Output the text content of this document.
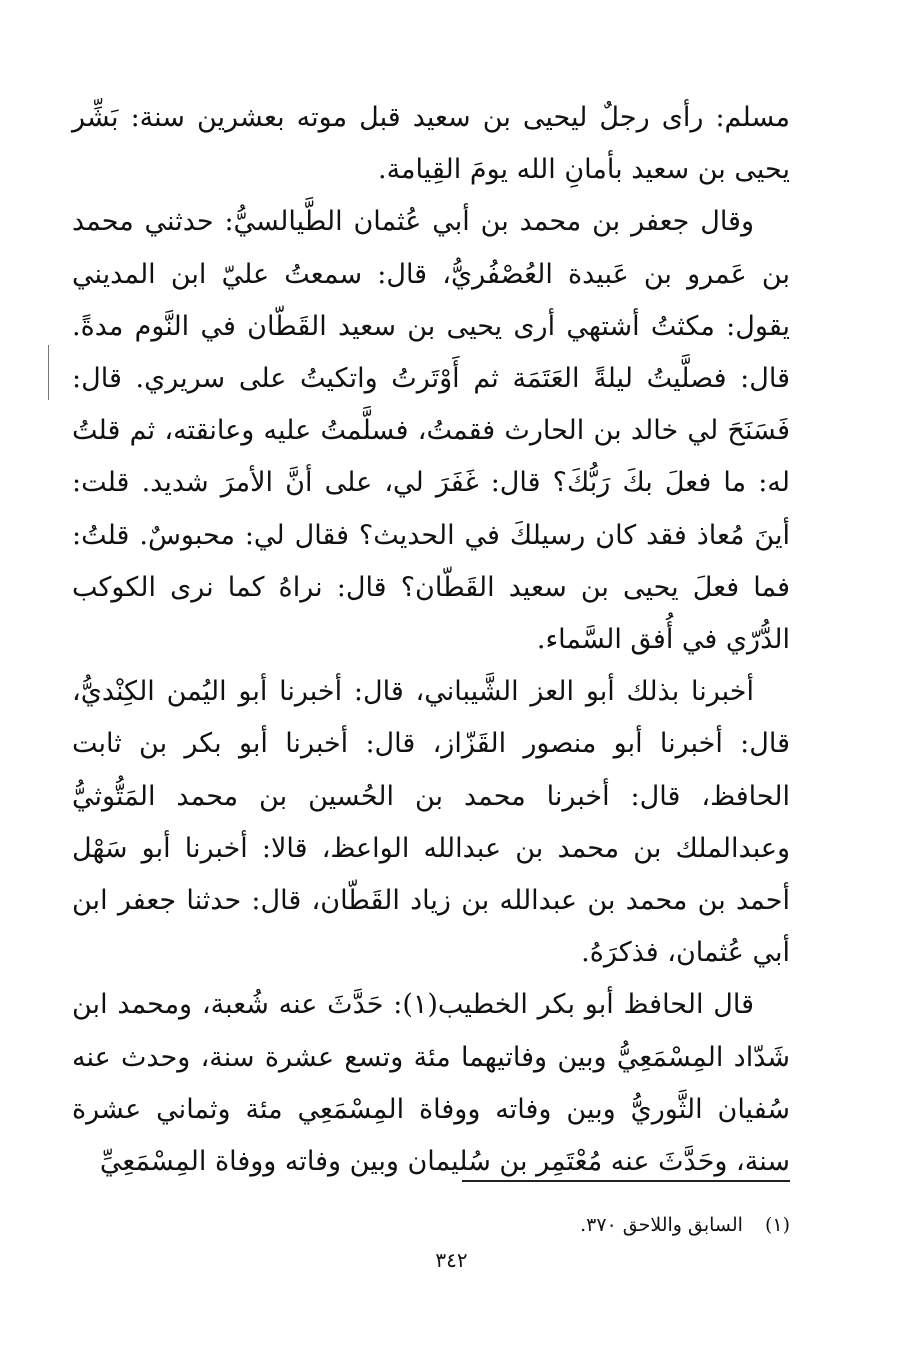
مسلم: رأى رجلٌ ليحيى بن سعيد قبل موته بعشرين سنة: بَشِّر يحيى بن سعيد بأمانِ الله يومَ القِيامة.

وقال جعفر بن محمد بن أبي عُثمان الطَّيالسيُّ: حدثني محمد بن عَمرو بن عَبيدة العُصْفُريُّ، قال: سمعتُ عليّ ابن المديني يقول: مكثتُ أشتهي أرى يحيى بن سعيد القَطّان في النَّوم مدةً. قال: فصلَّيتُ ليلةً العَتَمَة ثم أَوْتَرتُ واتكيتُ على سريري. قال: فَسَنَحَ لي خالد بن الحارث فقمتُ، فسلَّمتُ عليه وعانقته، ثم قلتُ له: ما فعلَ بكَ رَبُّكَ؟ قال: غَفَرَ لي، على أنَّ الأمرَ شديد. قلت: أينَ مُعاذ فقد كان رسيلكَ في الحديث؟ فقال لي: محبوسٌ. قلتُ: فما فعلَ يحيى بن سعيد القَطّان؟ قال: نراهُ كما نرى الكوكب الدُّرّي في أُفق السَّماء.

أخبرنا بذلك أبو العز الشَّيباني، قال: أخبرنا أبو اليُمن الكِنْديُّ، قال: أخبرنا أبو منصور القَزّاز، قال: أخبرنا أبو بكر بن ثابت الحافظ، قال: أخبرنا محمد بن الحُسين بن محمد المَتُّوثيُّ وعبدالملك بن محمد بن عبدالله الواعظ، قالا: أخبرنا أبو سَهْل أحمد بن محمد بن عبدالله بن زياد القَطّان، قال: حدثنا جعفر ابن أبي عُثمان، فذكرَهُ.

قال الحافظ أبو بكر الخطيب(١): حَدَّثَ عنه شُعبة، ومحمد ابن شَدّاد المِسْمَعِيُّ وبين وفاتيهما مئة وتسع عشرة سنة، وحدث عنه سُفيان الثَّوريُّ وبين وفاته ووفاة المِسْمَعِي مئة وثماني عشرة سنة، وحَدَّثَ عنه مُعْتَمِر بن سُليمان وبين وفاته ووفاة المِسْمَعِيِّ

(١)السابق واللاحق ٣٧٠.
٣٤٢
